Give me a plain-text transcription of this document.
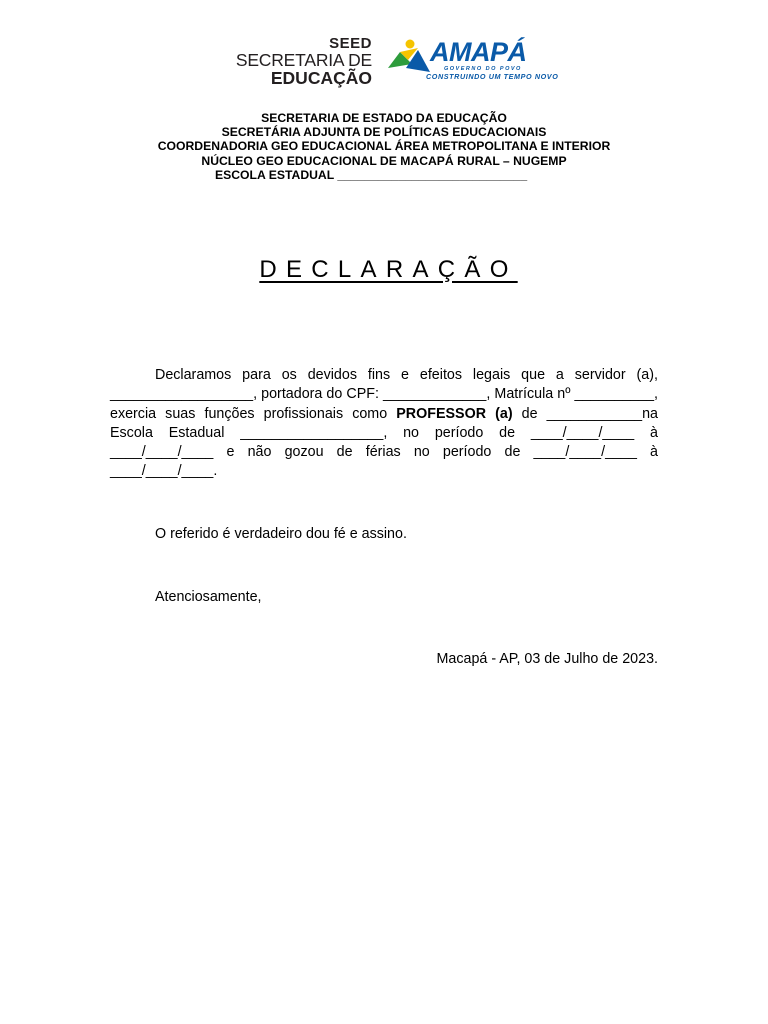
SEED
SECRETARIA DE
EDUCAÇÃO
AMAPÁ
GOVERNO DO POVO
CONSTRUINDO UM TEMPO NOVO
SECRETARIA DE ESTADO DA EDUCAÇÃO
SECRETÁRIA ADJUNTA DE POLÍTICAS EDUCACIONAIS
COORDENADORIA GEO EDUCACIONAL ÁREA METROPOLITANA E INTERIOR
NÚCLEO GEO EDUCACIONAL DE MACAPÁ RURAL – NUGEMP
ESCOLA ESTADUAL ____________________________
DECLARAÇÃO
Declaramos para os devidos fins e efeitos legais que a servidor (a), __________________, portadora do CPF: _____________, Matrícula nº __________, exercia suas funções profissionais como PROFESSOR (a) de ____________na Escola Estadual __________________, no período de ____/____/____ à ____/____/____ e não gozou de férias no período de ____/____/____ à ____/____/____.
O referido é verdadeiro dou fé e assino.
Atenciosamente,
Macapá - AP, 03 de Julho de 2023.
